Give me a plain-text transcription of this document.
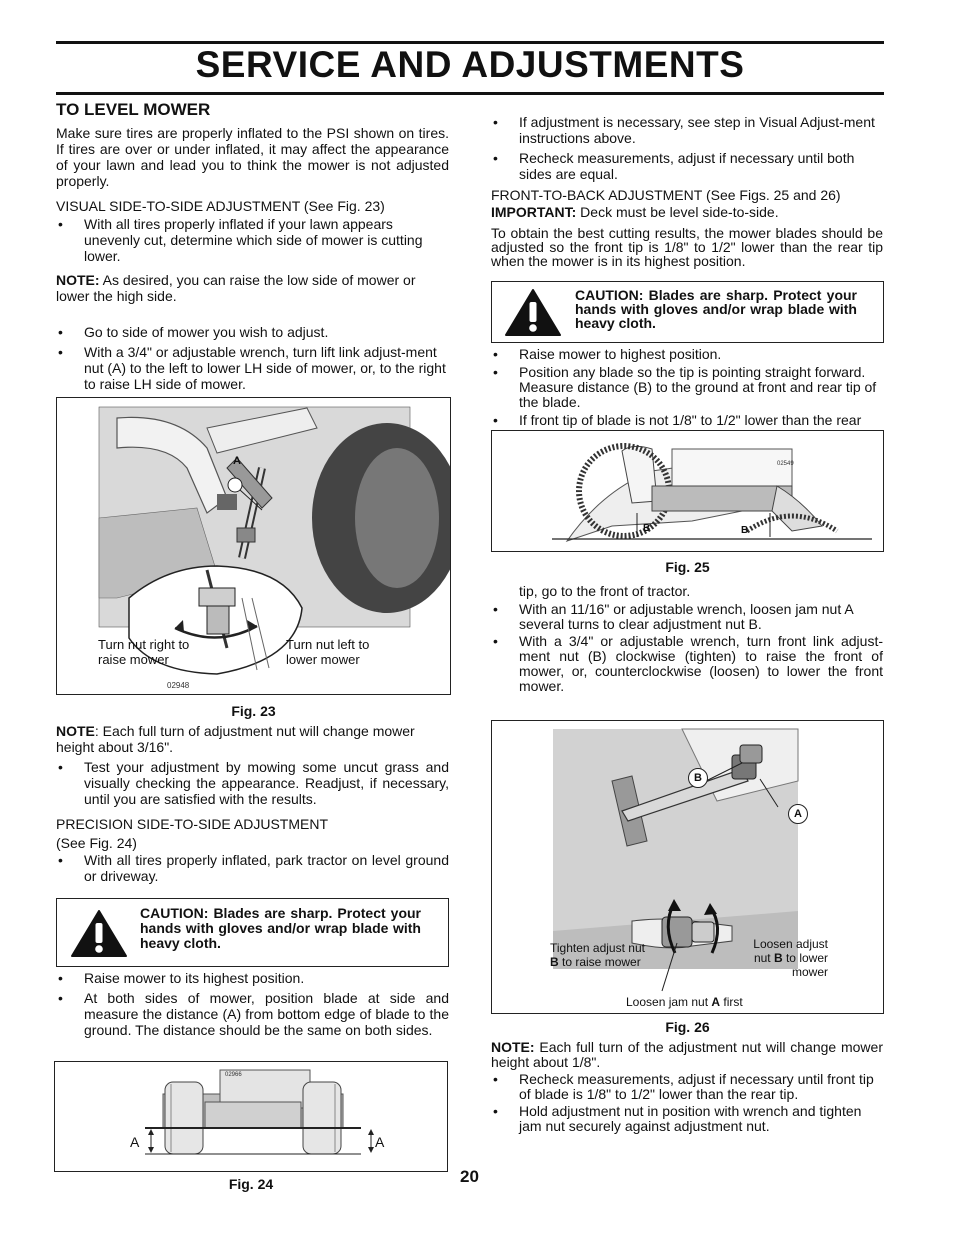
SERVICE AND ADJUSTMENTS

TO LEVEL MOWER

Make sure tires are properly inflated to the PSI shown on tires. If tires are over or under inflated, it may affect the appearance of your lawn and lead you to think the mower is not adjusted properly.

VISUAL SIDE-TO-SIDE ADJUSTMENT (See Fig. 23)

• With all tires properly inflated if your lawn appears unevenly cut, determine which side of mower is cutting lower.

NOTE: As desired, you can raise the low side of mower or lower the high side.

• Go to side of mower you wish to adjust.
• With a 3/4" or adjustable wrench, turn lift link adjust-ment nut (A) to the left to lower LH side of mower, or, to the right to raise LH side of mower.
A
Turn nut right to raise mower
Turn nut left to lower mower
02948
Fig. 23

NOTE: Each full turn of adjustment nut will change mower height about 3/16".

• Test your adjustment by mowing some uncut grass and visually checking the appearance. Readjust, if necessary, until you are satisfied with the results.

PRECISION SIDE-TO-SIDE ADJUSTMENT

(See Fig. 24)

• With all tires properly inflated, park tractor on level ground or driveway.
CAUTION: Blades are sharp. Protect your hands with gloves and/or wrap blade with heavy cloth.
• Raise mower to its highest position.
• At both sides of mower, position blade at side and measure the distance (A) from bottom edge of blade to the ground. The distance should be the same on both sides.
A	A
02966
Fig. 24
• If adjustment is necessary, see step in Visual Adjust-ment instructions above.
• Recheck measurements, adjust if necessary until both sides are equal.

FRONT-TO-BACK ADJUSTMENT (See Figs. 25 and 26)

IMPORTANT: Deck must be level side-to-side.

To obtain the best cutting results, the mower blades should be adjusted so the front tip is 1/8" to 1/2" lower than the rear tip when the mower is in its highest position.

CAUTION: Blades are sharp. Protect your hands with gloves and/or wrap blade with heavy cloth.
• Raise mower to highest position.
• Position any blade so the tip is pointing straight forward. Measure distance (B) to the ground at front and rear tip of the blade.
• If front tip of blade is not 1/8" to 1/2" lower than the rear
B	B
02549
Fig. 25

tip, go to the front of tractor.

• With an 11/16" or adjustable wrench, loosen jam nut A several turns to clear adjustment nut B.
• With a 3/4" or adjustable wrench, turn front link adjust-ment nut (B) clockwise (tighten) to raise the front of mower, or, counterclockwise (loosen) to lower the front mower.
B
A
Tighten adjust nut
B to raise mower
Loosen adjust nut B to lower mower
Loosen jam nut A first
Fig. 26

NOTE: Each full turn of the adjustment nut will change mower height about 1/8".

• Recheck measurements, adjust if necessary until front tip of blade is 1/8" to 1/2" lower than the rear tip.
• Hold adjustment nut in position with wrench and tighten jam nut securely against adjustment nut.
20
